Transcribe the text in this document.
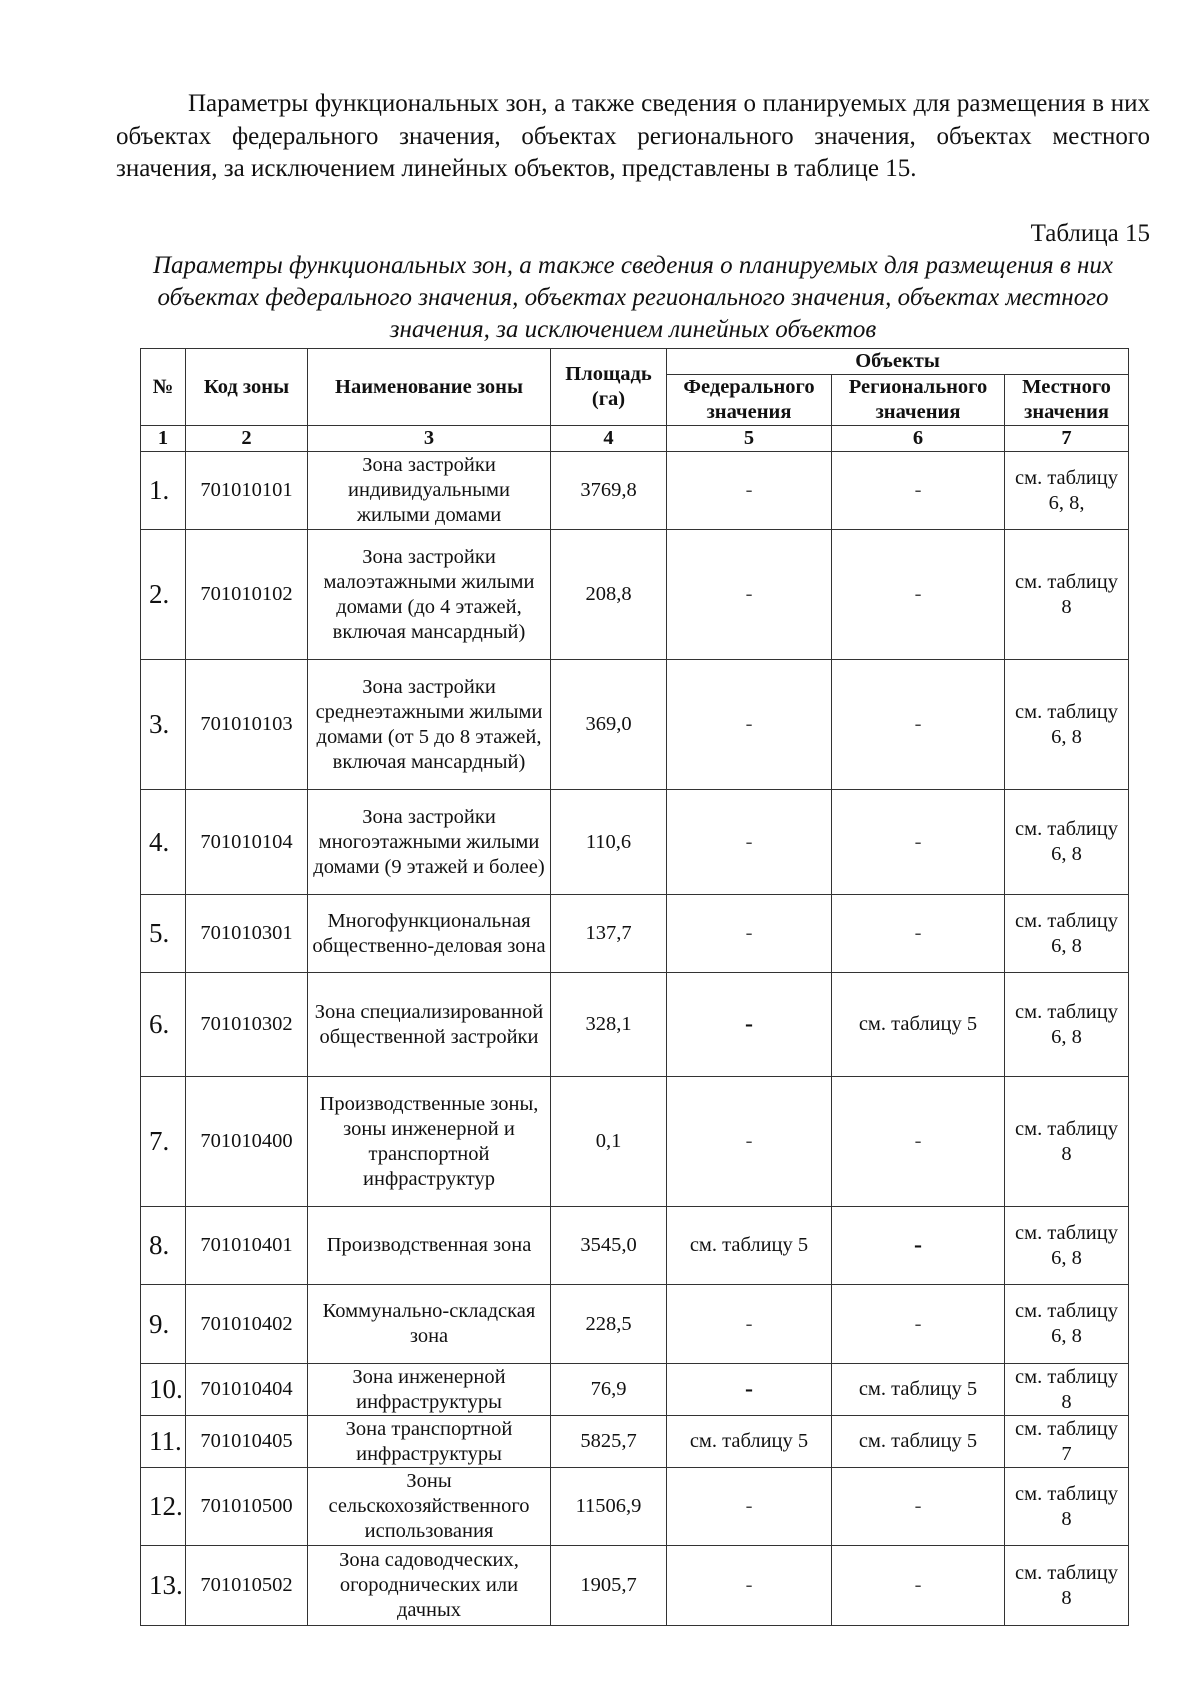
Параметры функциональных зон, а также сведения о планируемых для размещения в них объектах федерального значения, объектах регионального значения, объектах местного значения, за исключением линейных объектов, представлены в таблице 15.

Таблица 15

Параметры функциональных зон, а также сведения о планируемых для размещения в них объектах федерального значения, объектах регионального значения, объектах местного значения, за исключением линейных объектов

№	Код зоны	Наименование зоны	Площадь (га)	Объекты		
				Федерального значения	Регионального значения	Местного значения
1	2	3	4	5	6	7
1.	701010101	Зона застройки индивидуальными жилыми домами	3769,8	-	-	см. таблицу 6, 8,
2.	701010102	Зона застройки малоэтажными жилыми домами (до 4 этажей, включая мансардный)	208,8	-	-	см. таблицу 8
3.	701010103	Зона застройки среднеэтажными жилыми домами (от 5 до 8 этажей, включая мансардный)	369,0	-	-	см. таблицу 6, 8
4.	701010104	Зона застройки многоэтажными жилыми домами (9 этажей и более)	110,6	-	-	см. таблицу 6, 8
5.	701010301	Многофункциональная общественно-деловая зона	137,7	-	-	см. таблицу 6, 8
6.	701010302	Зона специализированной общественной застройки	328,1	-	см. таблицу 5	см. таблицу 6, 8
7.	701010400	Производственные зоны, зоны инженерной и транспортной инфраструктур	0,1	-	-	см. таблицу 8
8.	701010401	Производственная зона	3545,0	см. таблицу 5	-	см. таблицу 6, 8
9.	701010402	Коммунально-складская зона	228,5	-	-	см. таблицу 6, 8
10.	701010404	Зона инженерной инфраструктуры	76,9	-	см. таблицу 5	см. таблицу 8
11.	701010405	Зона транспортной инфраструктуры	5825,7	см. таблицу 5	см. таблицу 5	см. таблицу 7
12.	701010500	Зоны сельскохозяйственного использования	11506,9	-	-	см. таблицу 8
13.	701010502	Зона садоводческих, огороднических или дачных	1905,7	-	-	см. таблицу 8
